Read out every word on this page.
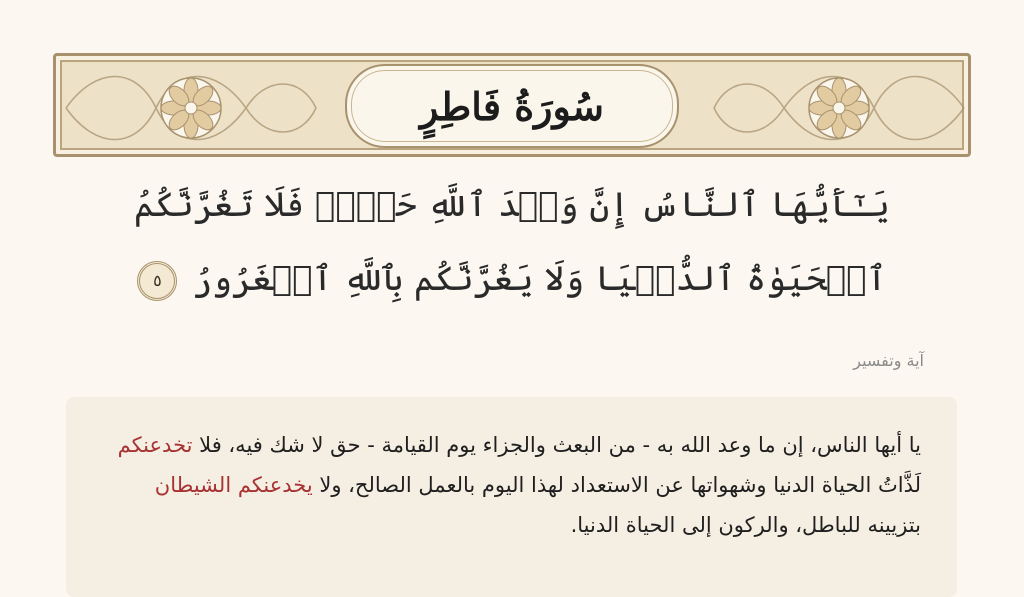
سُورَةُ فَاطِرٍ
يَـٰٓأَيُّهَا ٱلنَّاسُ إِنَّ وَعۡدَ ٱللَّهِ حَقّٞۖ فَلَا تَغُرَّنَّكُمُ ٱلۡحَيَوٰةُ ٱلدُّنۡيَا وَلَا يَغُرَّنَّكُم بِٱللَّهِ ٱلۡغَرُورُ
٥
آية وتفسير
يا أيها الناس، إن ما وعد الله به - من البعث والجزاء يوم القيامة - حق لا شك فيه، فلا تخدعنكم لَذَّاتُ الحياة الدنيا وشهواتها عن الاستعداد لهذا اليوم بالعمل الصالح، ولا يخدعنكم الشيطان بتزيينه للباطل، والركون إلى الحياة الدنيا.
